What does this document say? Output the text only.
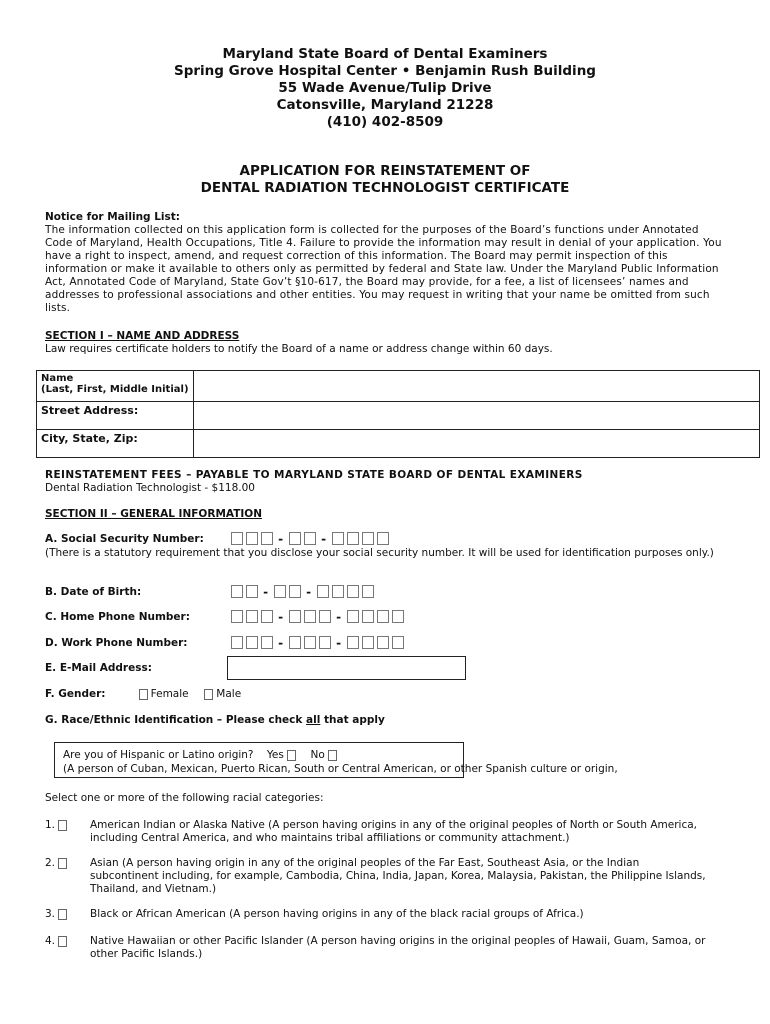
Maryland State Board of Dental Examiners
Spring Grove Hospital Center • Benjamin Rush Building
55 Wade Avenue/Tulip Drive
Catonsville, Maryland 21228
(410) 402-8509
APPLICATION FOR REINSTATEMENT OF
DENTAL RADIATION TECHNOLOGIST CERTIFICATE
Notice for Mailing List:
The information collected on this application form is collected for the purposes of the Board’s functions under Annotated Code of Maryland, Health Occupations, Title 4. Failure to provide the information may result in denial of your application. You have a right to inspect, amend, and request correction of this information. The Board may permit inspection of this information or make it available to others only as permitted by federal and State law. Under the Maryland Public Information Act, Annotated Code of Maryland, State Gov’t §10-617, the Board may provide, for a fee, a list of licensees’ names and addresses to professional associations and other entities. You may request in writing that your name be omitted from such lists.
SECTION I – NAME AND ADDRESS
Law requires certificate holders to notify the Board of a name or address change within 60 days.
Name
(Last, First, Middle Initial)	

Street Address:	
City, State, Zip:	
REINSTATEMENT FEES – PAYABLE TO MARYLAND STATE BOARD OF DENTAL EXAMINERS
Dental Radiation Technologist - $118.00
SECTION II – GENERAL INFORMATION
A. Social Security Number:	-	-
(There is a statutory requirement that you disclose your social security number. It will be used for identification purposes only.)
B. Date of Birth:	-	-
C. Home Phone Number:	-	-
D. Work Phone Number:	-	-
E. E-Mail Address:
F. Gender:	Female	Male
G. Race/Ethnic Identification – Please check all that apply
Are you of Hispanic or Latino origin? Yes	No
(A person of Cuban, Mexican, Puerto Rican, South or Central American, or other Spanish culture or origin,
Select one or more of the following racial categories:
1.	American Indian or Alaska Native (A person having origins in any of the original peoples of North or South America, including Central America, and who maintains tribal affiliations or community attachment.)
2.	Asian (A person having origin in any of the original peoples of the Far East, Southeast Asia, or the Indian subcontinent including, for example, Cambodia, China, India, Japan, Korea, Malaysia, Pakistan, the Philippine Islands, Thailand, and Vietnam.)
3.	Black or African American (A person having origins in any of the black racial groups of Africa.)
4.	Native Hawaiian or other Pacific Islander (A person having origins in the original peoples of Hawaii, Guam, Samoa, or other Pacific Islands.)
